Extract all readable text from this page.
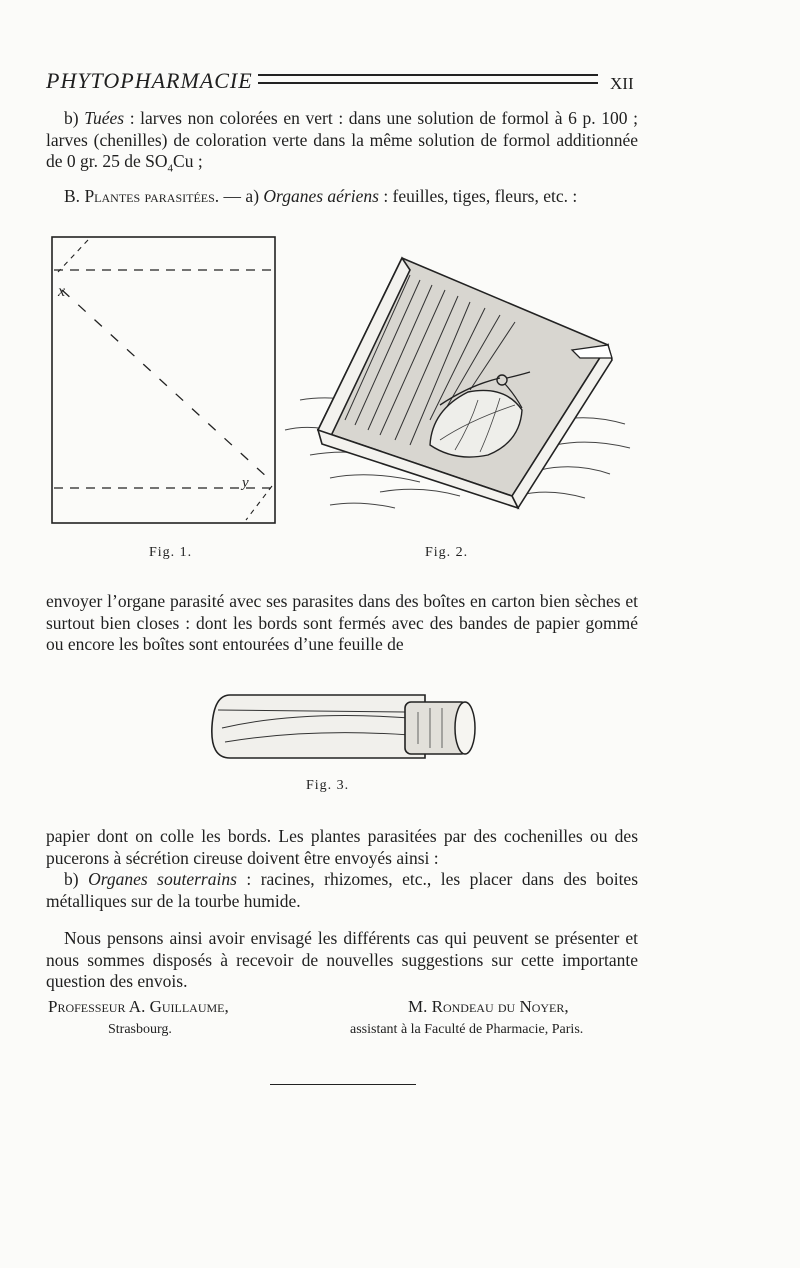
PHYTOPHARMACIE	XII
b) Tuées : larves non colorées en vert : dans une solution de formol à 6 p. 100 ; larves (chenilles) de coloration verte dans la même solution de formol additionnée de 0 gr. 25 de $SO_4Cu$ ;
B. Plantes parasitées. — a) Organes aériens : feuilles, tiges, fleurs, etc. :
x
y
Fig. 1.	Fig. 2.
envoyer l’organe parasité avec ses parasites dans des boîtes en carton bien sèches et surtout bien closes : dont les bords sont fermés avec des bandes de papier gommé ou encore les boîtes sont entourées d’une feuille de
Fig. 3.
papier dont on colle les bords. Les plantes parasitées par des cochenilles ou des pucerons à sécrétion cireuse doivent être envoyés ainsi :
b) Organes souterrains : racines, rhizomes, etc., les placer dans des boites métalliques sur de la tourbe humide.
Nous pensons ainsi avoir envisagé les différents cas qui peuvent se présenter et nous sommes disposés à recevoir de nouvelles suggestions sur cette importante question des envois.
Professeur A. Guillaume,
Strasbourg.
M. Rondeau du Noyer,
assistant à la Faculté de Pharmacie, Paris.
